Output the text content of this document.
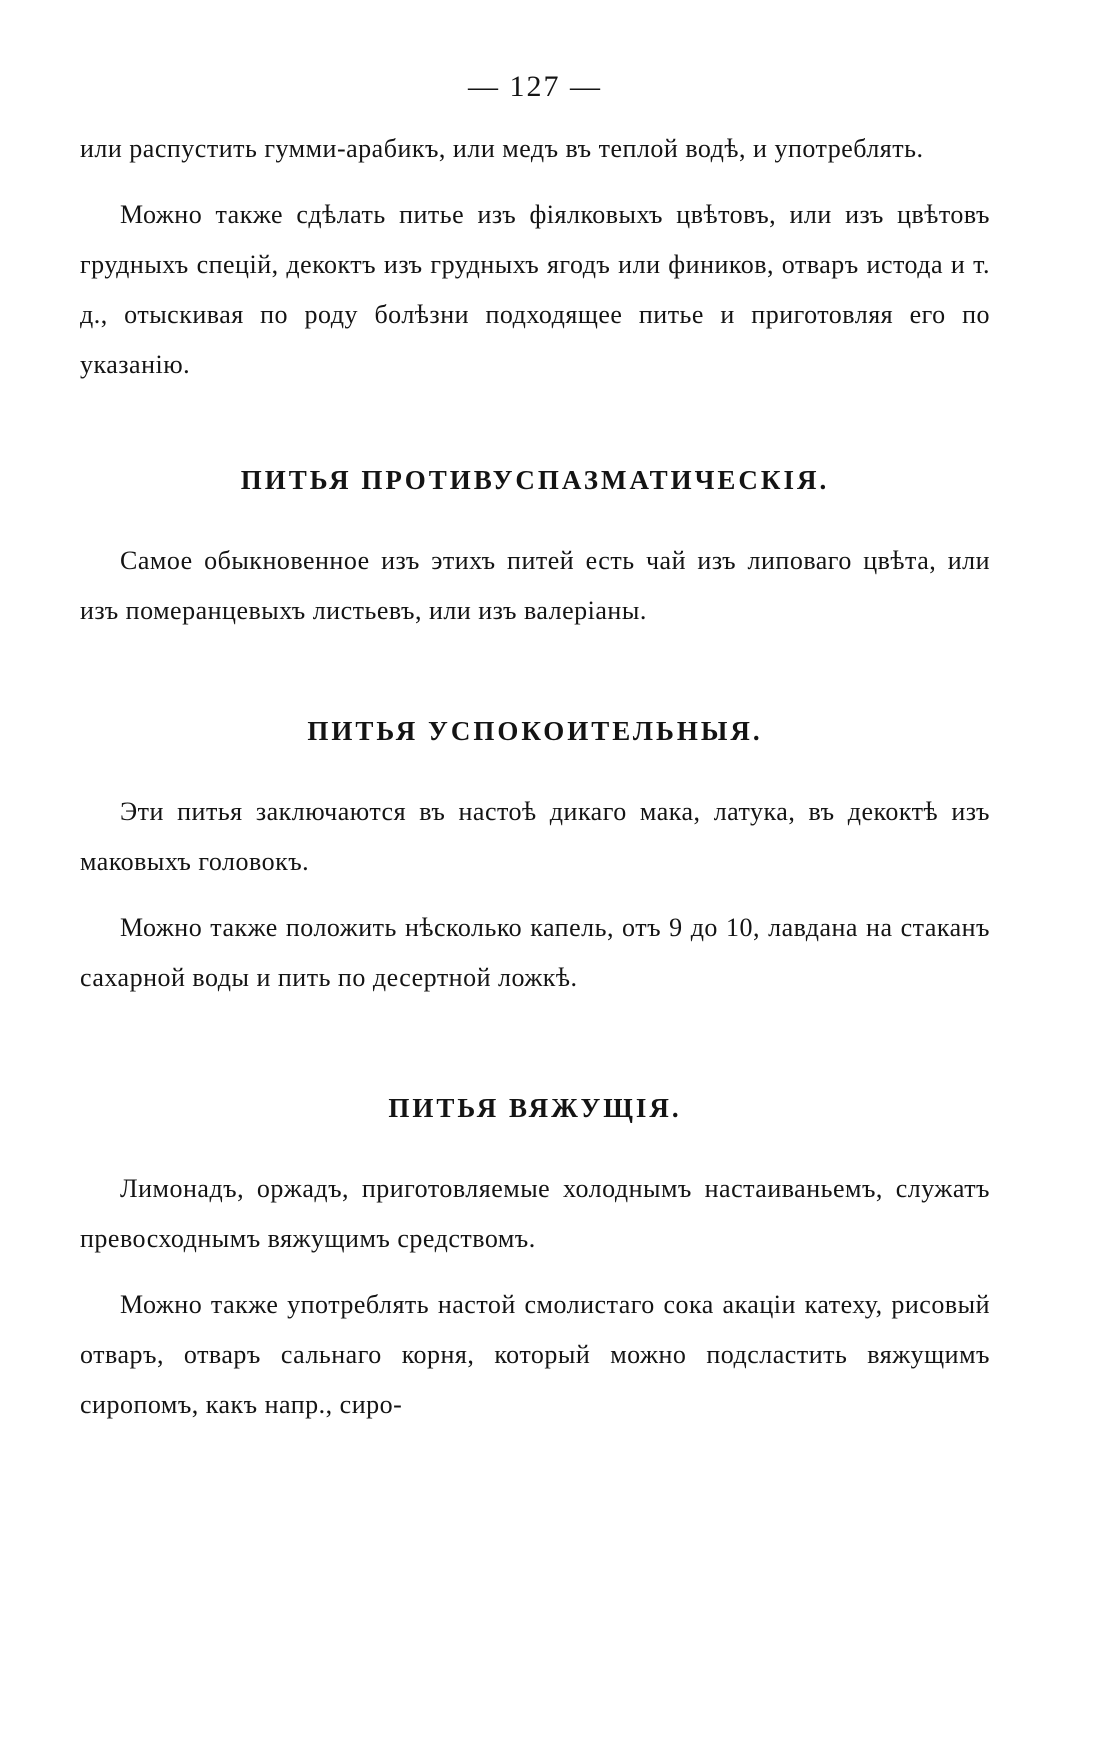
— 127 —

или распустить гумми-арабикъ, или медъ въ теплой водѣ, и употреблять.

Можно также сдѣлать питье изъ фіялковыхъ цвѣтовъ, или изъ цвѣтовъ грудныхъ спецій, декоктъ изъ грудныхъ ягодъ или фиников, отваръ истода и т. д., отыскивая по роду болѣзни подходящее питье и приготовляя его по указанію.

ПИТЬЯ ПРОТИВУСПАЗМАТИЧЕСКІЯ.

Самое обыкновенное изъ этихъ питей есть чай изъ липоваго цвѣта, или изъ померанцевыхъ листьевъ, или изъ валеріаны.

ПИТЬЯ УСПОКОИТЕЛЬНЫЯ.

Эти питья заключаются въ настоѣ дикаго мака, латука, въ декоктѣ изъ маковыхъ головокъ.

Можно также положить нѣсколько капель, отъ 9 до 10, лавдана на стаканъ сахарной воды и пить по десертной ложкѣ.

ПИТЬЯ ВЯЖУЩІЯ.

Лимонадъ, оржадъ, приготовляемые холоднымъ настаиваньемъ, служатъ превосходнымъ вяжущимъ средствомъ.

Можно также употреблять настой смолистаго сока акаціи катеху, рисовый отваръ, отваръ сальнаго корня, который можно подсластить вяжущимъ сиропомъ, какъ напр., сиро-
